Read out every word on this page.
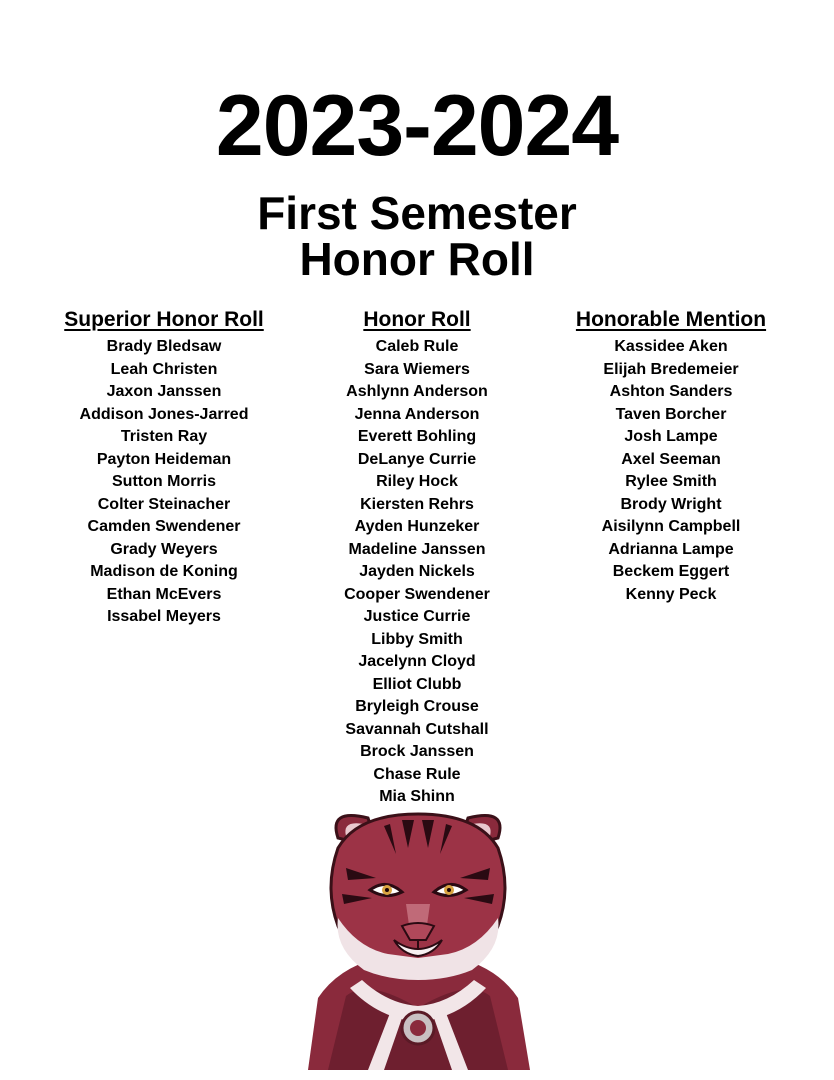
2023-2024
First Semester
Honor Roll
Superior Honor Roll
Brady Bledsaw
Leah Christen
Jaxon Janssen
Addison Jones-Jarred
Tristen Ray
Payton Heideman
Sutton Morris
Colter Steinacher
Camden Swendener
Grady Weyers
Madison de Koning
Ethan McEvers
Issabel Meyers
Honor Roll
Caleb Rule
Sara Wiemers
Ashlynn Anderson
Jenna Anderson
Everett Bohling
DeLanye Currie
Riley Hock
Kiersten Rehrs
Ayden Hunzeker
Madeline Janssen
Jayden Nickels
Cooper Swendener
Justice Currie
Libby Smith
Jacelynn Cloyd
Elliot Clubb
Bryleigh Crouse
Savannah Cutshall
Brock Janssen
Chase Rule
Mia Shinn
Honorable Mention
Kassidee Aken
Elijah Bredemeier
Ashton Sanders
Taven Borcher
Josh Lampe
Axel Seeman
Rylee Smith
Brody Wright
Aisilynn Campbell
Adrianna Lampe
Beckem Eggert
Kenny Peck
